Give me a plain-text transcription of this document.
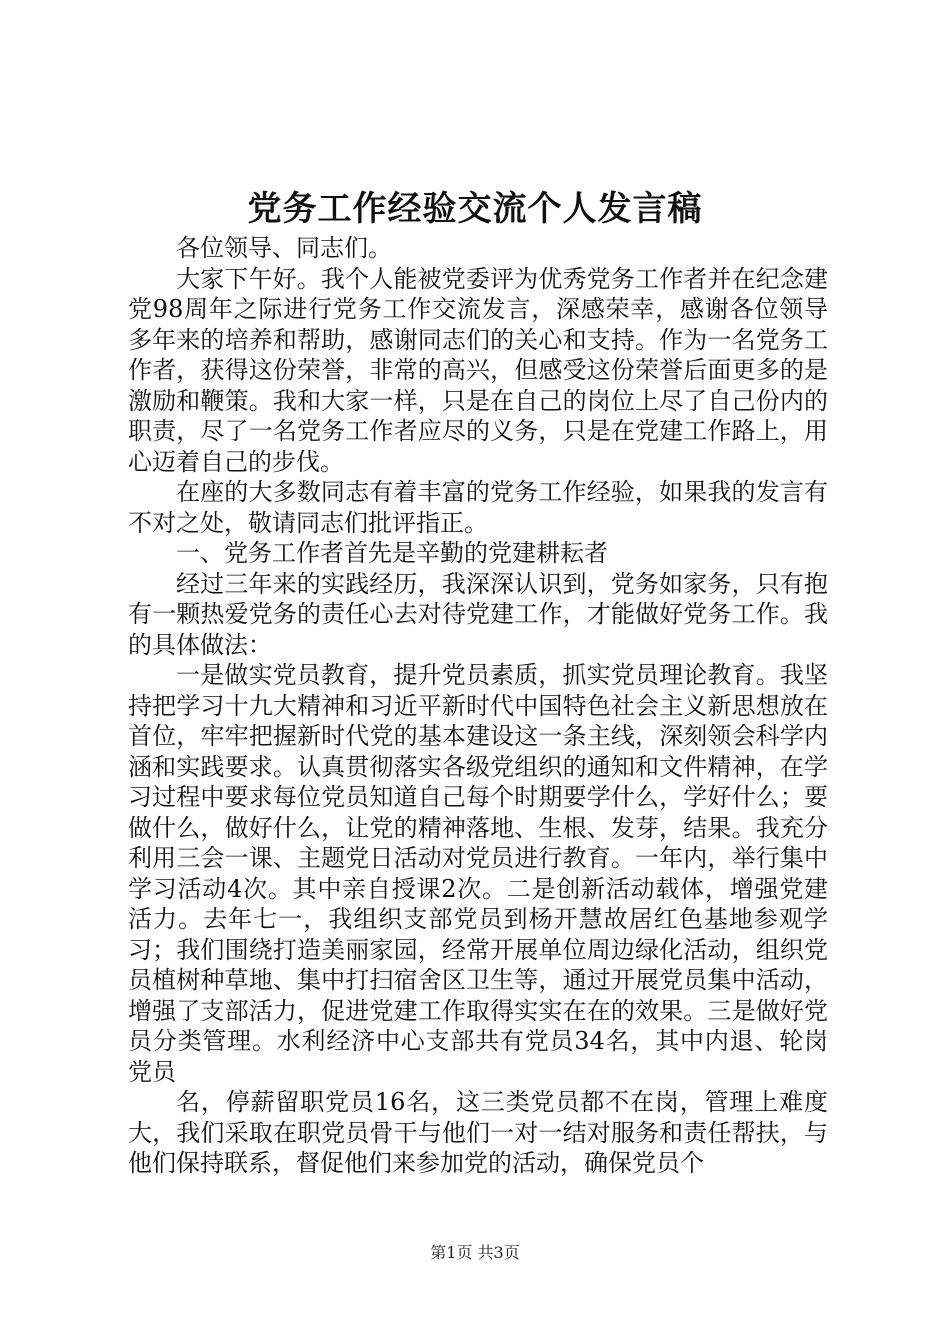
党务工作经验交流个人发言稿

各位领导、同志们。

大家下午好。我个人能被党委评为优秀党务工作者并在纪念建党98周年之际进行党务工作交流发言，深感荣幸，感谢各位领导多年来的培养和帮助，感谢同志们的关心和支持。作为一名党务工作者，获得这份荣誉，非常的高兴，但感受这份荣誉后面更多的是激励和鞭策。我和大家一样，只是在自己的岗位上尽了自己份内的职责，尽了一名党务工作者应尽的义务，只是在党建工作路上，用心迈着自己的步伐。

在座的大多数同志有着丰富的党务工作经验，如果我的发言有不对之处，敬请同志们批评指正。

一、党务工作者首先是辛勤的党建耕耘者

经过三年来的实践经历，我深深认识到，党务如家务，只有抱有一颗热爱党务的责任心去对待党建工作，才能做好党务工作。我的具体做法：

一是做实党员教育，提升党员素质，抓实党员理论教育。我坚持把学习十九大精神和习近平新时代中国特色社会主义新思想放在首位，牢牢把握新时代党的基本建设这一条主线，深刻领会科学内涵和实践要求。认真贯彻落实各级党组织的通知和文件精神，在学习过程中要求每位党员知道自己每个时期要学什么，学好什么；要做什么，做好什么，让党的精神落地、生根、发芽，结果。我充分利用三会一课、主题党日活动对党员进行教育。一年内，举行集中学习活动4次。其中亲自授课2次。二是创新活动载体，增强党建活力。去年七一，我组织支部党员到杨开慧故居红色基地参观学习；我们围绕打造美丽家园，经常开展单位周边绿化活动，组织党员植树种草地、集中打扫宿舍区卫生等，通过开展党员集中活动，增强了支部活力，促进党建工作取得实实在在的效果。三是做好党员分类管理。水利经济中心支部共有党员34名，其中内退、轮岗党员

名，停薪留职党员16名，这三类党员都不在岗，管理上难度大，我们采取在职党员骨干与他们一对一结对服务和责任帮扶，与他们保持联系，督促他们来参加党的活动，确保党员个

第1页 共3页
